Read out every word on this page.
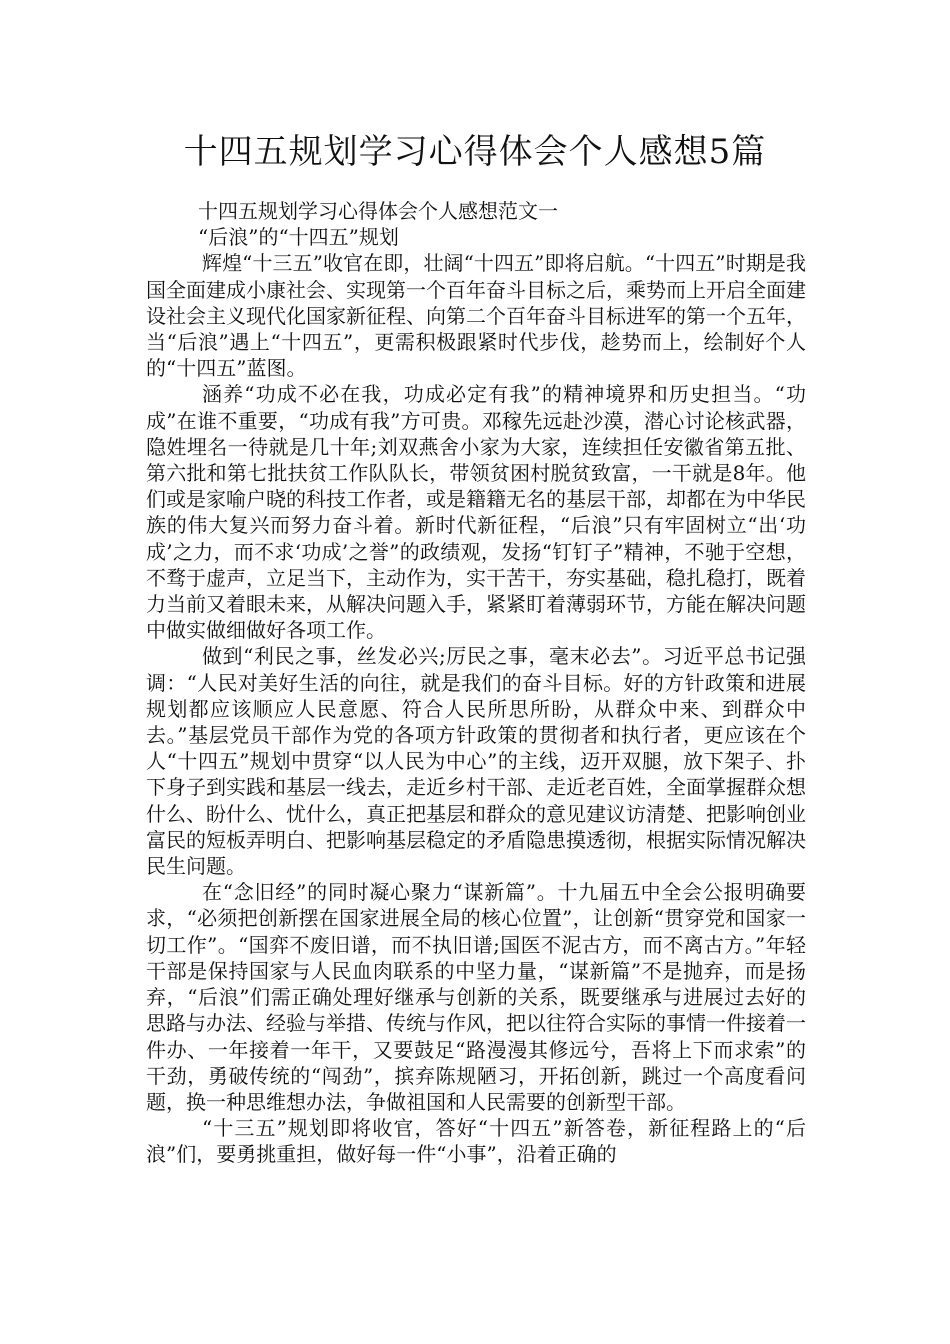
十四五规划学习心得体会个人感想5篇

十四五规划学习心得体会个人感想范文一

“后浪”的“十四五”规划

辉煌“十三五”收官在即，壮阔“十四五”即将启航。“十四五”时期是我国全面建成小康社会、实现第一个百年奋斗目标之后，乘势而上开启全面建设社会主义现代化国家新征程、向第二个百年奋斗目标进军的第一个五年，当“后浪”遇上“十四五”，更需积极跟紧时代步伐，趁势而上，绘制好个人的“十四五”蓝图。

涵养“功成不必在我，功成必定有我”的精神境界和历史担当。“功成”在谁不重要，“功成有我”方可贵。邓稼先远赴沙漠，潜心讨论核武器，隐姓埋名一待就是几十年;刘双燕舍小家为大家，连续担任安徽省第五批、第六批和第七批扶贫工作队队长，带领贫困村脱贫致富，一干就是8年。他们或是家喻户晓的科技工作者，或是籍籍无名的基层干部，却都在为中华民族的伟大复兴而努力奋斗着。新时代新征程，“后浪”只有牢固树立“出‘功成’之力，而不求‘功成’之誉”的政绩观，发扬“钉钉子”精神，不驰于空想，不骛于虚声，立足当下，主动作为，实干苦干，夯实基础，稳扎稳打，既着力当前又着眼未来，从解决问题入手，紧紧盯着薄弱环节，方能在解决问题中做实做细做好各项工作。

做到“利民之事，丝发必兴;厉民之事，毫末必去”。习近平总书记强调：“人民对美好生活的向往，就是我们的奋斗目标。好的方针政策和进展规划都应该顺应人民意愿、符合人民所思所盼，从群众中来、到群众中去。”基层党员干部作为党的各项方针政策的贯彻者和执行者，更应该在个人“十四五”规划中贯穿“以人民为中心”的主线，迈开双腿，放下架子、扑下身子到实践和基层一线去，走近乡村干部、走近老百姓，全面掌握群众想什么、盼什么、忧什么，真正把基层和群众的意见建议访清楚、把影响创业富民的短板弄明白、把影响基层稳定的矛盾隐患摸透彻，根据实际情况解决民生问题。

在“念旧经”的同时凝心聚力“谋新篇”。十九届五中全会公报明确要求，“必须把创新摆在国家进展全局的核心位置”，让创新“贯穿党和国家一切工作”。“国弈不废旧谱，而不执旧谱;国医不泥古方，而不离古方。”年轻干部是保持国家与人民血肉联系的中坚力量，“谋新篇”不是抛弃，而是扬弃，“后浪”们需正确处理好继承与创新的关系，既要继承与进展过去好的思路与办法、经验与举措、传统与作风，把以往符合实际的事情一件接着一件办、一年接着一年干，又要鼓足“路漫漫其修远兮，吾将上下而求索”的干劲，勇破传统的“闯劲”，摈弃陈规陋习，开拓创新，跳过一个高度看问题，换一种思维想办法，争做祖国和人民需要的创新型干部。

“十三五”规划即将收官，答好“十四五”新答卷，新征程路上的“后浪”们，要勇挑重担，做好每一件“小事”，沿着正确的
